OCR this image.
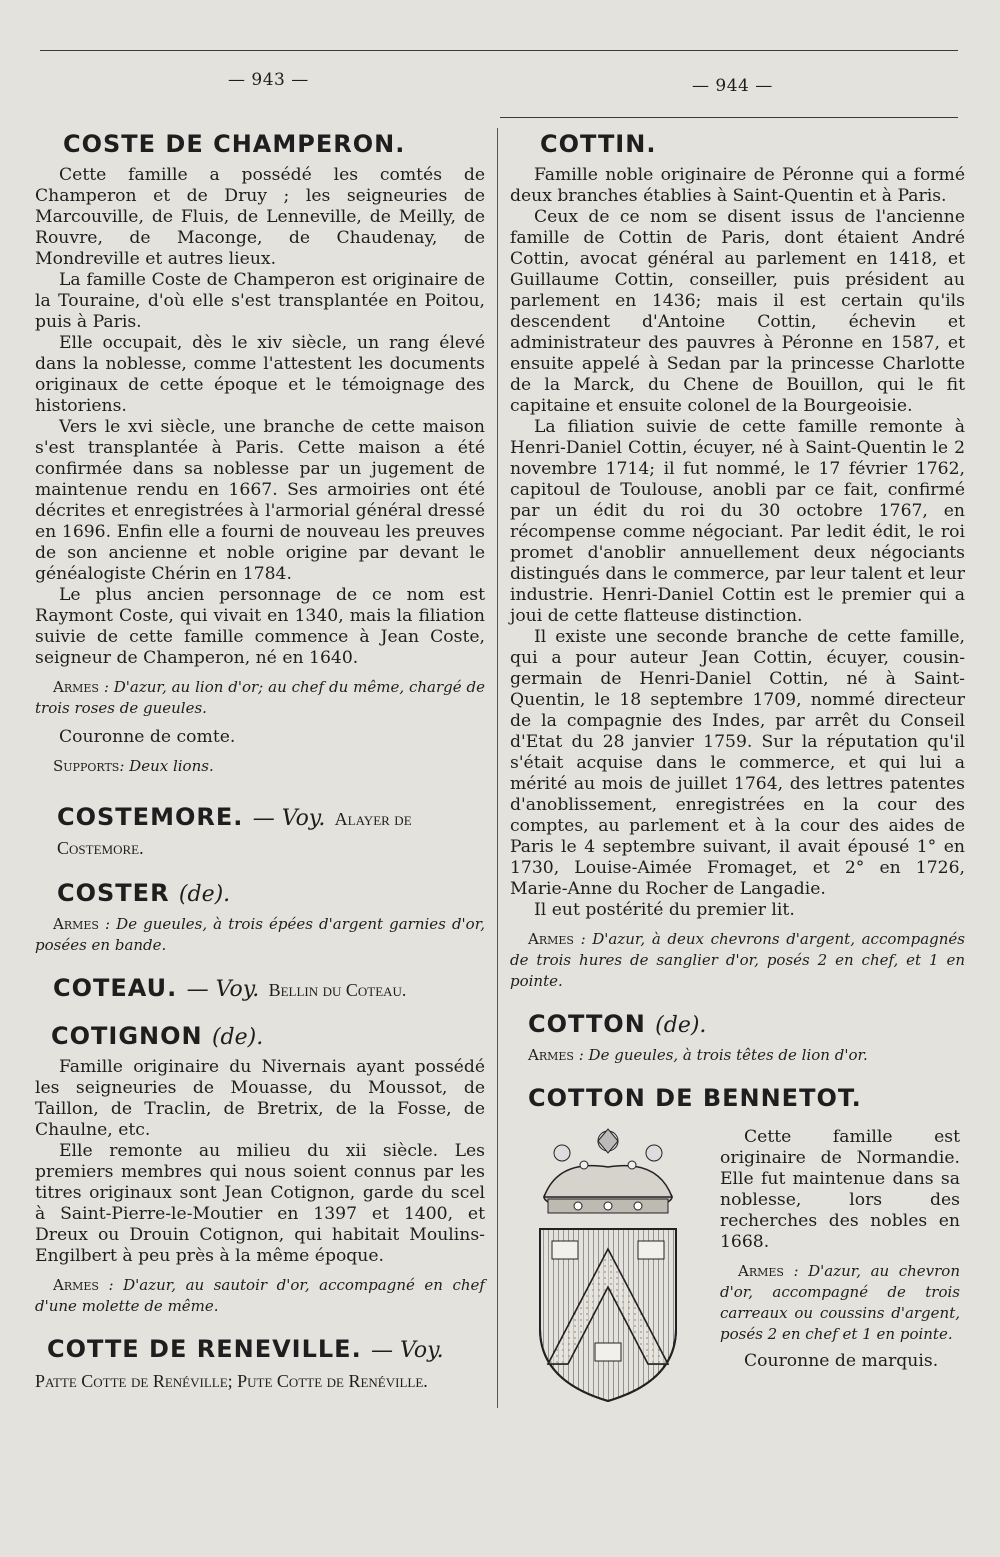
— 943 —	— 944 —
COSTE DE CHAMPERON.

Cette famille a possédé les comtés de Champeron et de Druy ; les seigneuries de Marcouville, de Fluis, de Lenneville, de Meilly, de Rouvre, de Maconge, de Chaudenay, de Mondreville et autres lieux.

La famille Coste de Champeron est originaire de la Touraine, d'où elle s'est transplantée en Poitou, puis à Paris.

Elle occupait, dès le xiv siècle, un rang élevé dans la noblesse, comme l'attestent les documents originaux de cette époque et le témoignage des historiens.

Vers le xvi siècle, une branche de cette maison s'est transplantée à Paris. Cette maison a été confirmée dans sa noblesse par un jugement de maintenue rendu en 1667. Ses armoiries ont été décrites et enregistrées à l'armorial général dressé en 1696. Enfin elle a fourni de nouveau les preuves de son ancienne et noble origine par devant le généalogiste Chérin en 1784.

Le plus ancien personnage de ce nom est Raymont Coste, qui vivait en 1340, mais la filiation suivie de cette famille commence à Jean Coste, seigneur de Champeron, né en 1640.

Armes : D'azur, au lion d'or; au chef du même, chargé de trois roses de gueules.

Couronne de comte.

Supports: Deux lions.

COSTEMORE. — Voy. Alayer de Costemore.
COSTER (de).

Armes : De gueules, à trois épées d'argent garnies d'or, posées en bande.

COTEAU. — Voy. Bellin du Coteau.
COTIGNON (de).

Famille originaire du Nivernais ayant possédé les seigneuries de Mouasse, du Moussot, de Taillon, de Traclin, de Bretrix, de la Fosse, de Chaulne, etc.

Elle remonte au milieu du xii siècle. Les premiers membres qui nous soient connus par les titres originaux sont Jean Cotignon, garde du scel à Saint-Pierre-le-Moutier en 1397 et 1400, et Dreux ou Drouin Cotignon, qui habitait Moulins-Engilbert à peu près à la même époque.

Armes : D'azur, au sautoir d'or, accompagné en chef d'une molette de même.

COTTE DE RENEVILLE. — Voy.

Patte Cotte de Renéville; Pute Cotte de Renéville.

COTTIN.

Famille noble originaire de Péronne qui a formé deux branches établies à Saint-Quentin et à Paris.

Ceux de ce nom se disent issus de l'ancienne famille de Cottin de Paris, dont étaient André Cottin, avocat général au parlement en 1418, et Guillaume Cottin, conseiller, puis président au parlement en 1436; mais il est certain qu'ils descendent d'Antoine Cottin, échevin et administrateur des pauvres à Péronne en 1587, et ensuite appelé à Sedan par la princesse Charlotte de la Marck, du Chene de Bouillon, qui le fit capitaine et ensuite colonel de la Bourgeoisie.

La filiation suivie de cette famille remonte à Henri-Daniel Cottin, écuyer, né à Saint-Quentin le 2 novembre 1714; il fut nommé, le 17 février 1762, capitoul de Toulouse, anobli par ce fait, confirmé par un édit du roi du 30 octobre 1767, en récompense comme négociant. Par ledit édit, le roi promet d'anoblir annuellement deux négociants distingués dans le commerce, par leur talent et leur industrie. Henri-Daniel Cottin est le premier qui a joui de cette flatteuse distinction.

Il existe une seconde branche de cette famille, qui a pour auteur Jean Cottin, écuyer, cousin-germain de Henri-Daniel Cottin, né à Saint-Quentin, le 18 septembre 1709, nommé directeur de la compagnie des Indes, par arrêt du Conseil d'Etat du 28 janvier 1759. Sur la réputation qu'il s'était acquise dans le commerce, et qui lui a mérité au mois de juillet 1764, des lettres patentes d'anoblissement, enregistrées en la cour des comptes, au parlement et à la cour des aides de Paris le 4 septembre suivant, il avait épousé 1° en 1730, Louise-Aimée Fromaget, et 2° en 1726, Marie-Anne du Rocher de Langadie.

Il eut postérité du premier lit.

Armes : D'azur, à deux chevrons d'argent, accompagnés de trois hures de sanglier d'or, posés 2 en chef, et 1 en pointe.

COTTON (de).

Armes : De gueules, à trois têtes de lion d'or.

COTTON DE BENNETOT.

Cette famille est originaire de Normandie. Elle fut maintenue dans sa noblesse, lors des recherches des nobles en 1668.

Armes : D'azur, au chevron d'or, accompagné de trois carreaux ou coussins d'argent, posés 2 en chef et 1 en pointe.

Couronne de marquis.
